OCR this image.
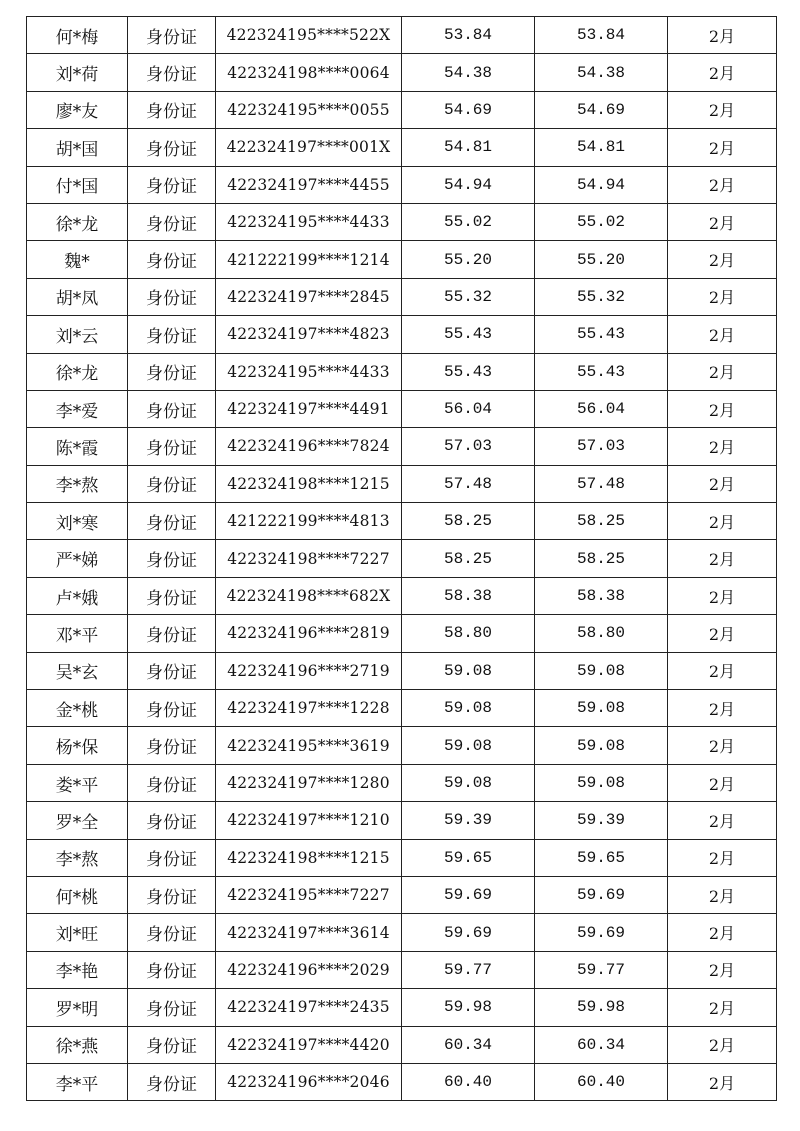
何*梅	身份证	422324195****522X	53.84	53.84	2月
刘*荷	身份证	422324198****0064	54.38	54.38	2月
廖*友	身份证	422324195****0055	54.69	54.69	2月
胡*国	身份证	422324197****001X	54.81	54.81	2月
付*国	身份证	422324197****4455	54.94	54.94	2月
徐*龙	身份证	422324195****4433	55.02	55.02	2月
魏*	身份证	421222199****1214	55.20	55.20	2月
胡*凤	身份证	422324197****2845	55.32	55.32	2月
刘*云	身份证	422324197****4823	55.43	55.43	2月
徐*龙	身份证	422324195****4433	55.43	55.43	2月
李*爱	身份证	422324197****4491	56.04	56.04	2月
陈*霞	身份证	422324196****7824	57.03	57.03	2月
李*熬	身份证	422324198****1215	57.48	57.48	2月
刘*寒	身份证	421222199****4813	58.25	58.25	2月
严*娣	身份证	422324198****7227	58.25	58.25	2月
卢*娥	身份证	422324198****682X	58.38	58.38	2月
邓*平	身份证	422324196****2819	58.80	58.80	2月
吴*玄	身份证	422324196****2719	59.08	59.08	2月
金*桃	身份证	422324197****1228	59.08	59.08	2月
杨*保	身份证	422324195****3619	59.08	59.08	2月
娄*平	身份证	422324197****1280	59.08	59.08	2月
罗*全	身份证	422324197****1210	59.39	59.39	2月
李*熬	身份证	422324198****1215	59.65	59.65	2月
何*桃	身份证	422324195****7227	59.69	59.69	2月
刘*旺	身份证	422324197****3614	59.69	59.69	2月
李*艳	身份证	422324196****2029	59.77	59.77	2月
罗*明	身份证	422324197****2435	59.98	59.98	2月
徐*燕	身份证	422324197****4420	60.34	60.34	2月
李*平	身份证	422324196****2046	60.40	60.40	2月
